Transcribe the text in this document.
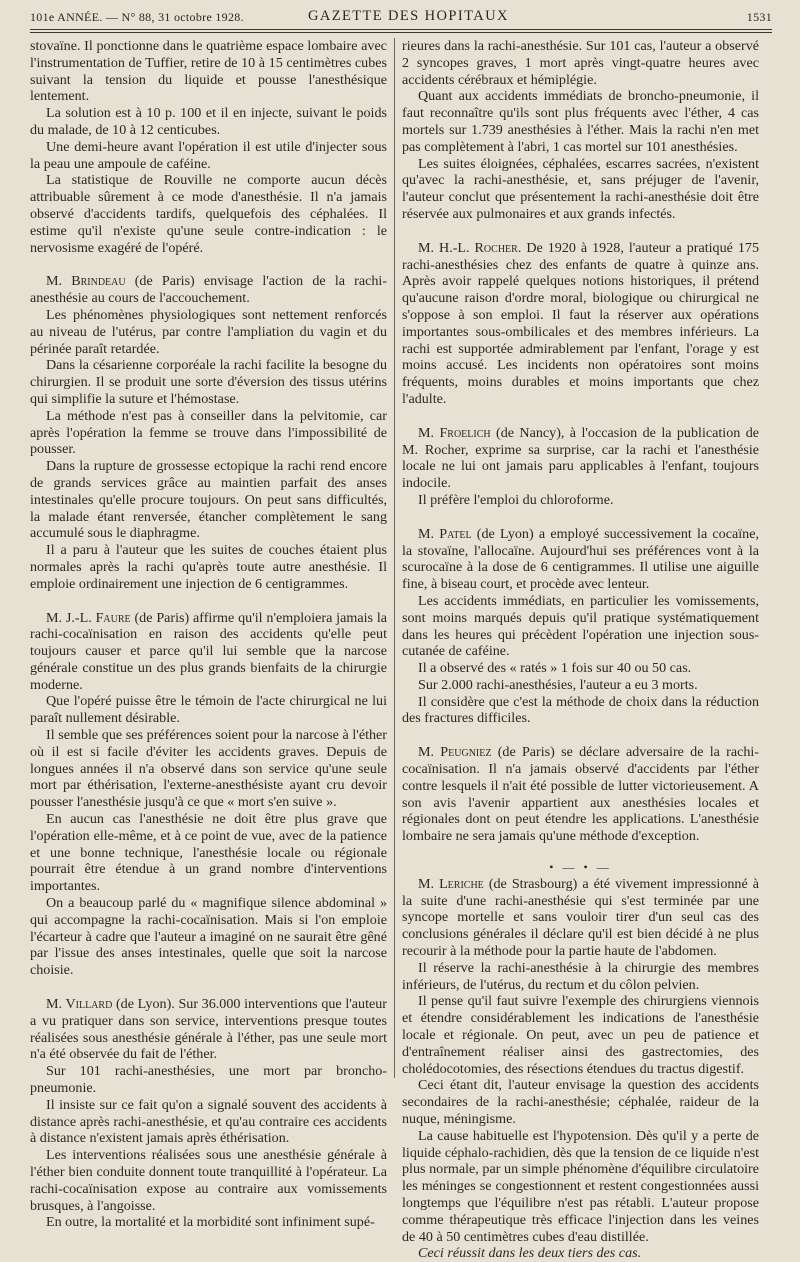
101e ANNÉE. — N° 88, 31 octobre 1928.	GAZETTE DES HOPITAUX	1531

stovaïne. Il ponctionne dans le quatrième espace lombaire avec l'instrumentation de Tuffier, retire de 10 à 15 centimètres cubes suivant la tension du liquide et pousse l'anesthésique lentement.

La solution est à 10 p. 100 et il en injecte, suivant le poids du malade, de 10 à 12 centicubes.

Une demi-heure avant l'opération il est utile d'injecter sous la peau une ampoule de caféine.

La statistique de Rouville ne comporte aucun décès attribuable sûrement à ce mode d'anesthésie. Il n'a jamais observé d'accidents tardifs, quelquefois des céphalées. Il estime qu'il n'existe qu'une seule contre-indication : le nervosisme exagéré de l'opéré.

M. Brindeau (de Paris) envisage l'action de la rachi-anesthésie au cours de l'accouchement.

Les phénomènes physiologiques sont nettement renforcés au niveau de l'utérus, par contre l'ampliation du vagin et du périnée paraît retardée.

Dans la césarienne corporéale la rachi facilite la besogne du chirurgien. Il se produit une sorte d'éversion des tissus utérins qui simplifie la suture et l'hémostase.

La méthode n'est pas à conseiller dans la pelvitomie, car après l'opération la femme se trouve dans l'impossibilité de pousser.

Dans la rupture de grossesse ectopique la rachi rend encore de grands services grâce au maintien parfait des anses intestinales qu'elle procure toujours. On peut sans difficultés, la malade étant renversée, étancher complètement le sang accumulé sous le diaphragme.

Il a paru à l'auteur que les suites de couches étaient plus normales après la rachi qu'après toute autre anesthésie. Il emploie ordinairement une injection de 6 centigrammes.

M. J.-L. Faure (de Paris) affirme qu'il n'emploiera jamais la rachi-cocaïnisation en raison des accidents qu'elle peut toujours causer et parce qu'il lui semble que la narcose générale constitue un des plus grands bienfaits de la chirurgie moderne.

Que l'opéré puisse être le témoin de l'acte chirurgical ne lui paraît nullement désirable.

Il semble que ses préférences soient pour la narcose à l'éther où il est si facile d'éviter les accidents graves. Depuis de longues années il n'a observé dans son service qu'une seule mort par éthérisation, l'externe-anesthésiste ayant cru devoir pousser l'anesthésie jusqu'à ce que « mort s'en suive ».

En aucun cas l'anesthésie ne doit être plus grave que l'opération elle-même, et à ce point de vue, avec de la patience et une bonne technique, l'anesthésie locale ou régionale pourrait être étendue à un grand nombre d'interventions importantes.

On a beaucoup parlé du « magnifique silence abdominal » qui accompagne la rachi-cocaïnisation. Mais si l'on emploie l'écarteur à cadre que l'auteur a imaginé on ne saurait être gêné par l'issue des anses intestinales, quelle que soit la narcose choisie.

M. Villard (de Lyon). Sur 36.000 interventions que l'auteur a vu pratiquer dans son service, interventions presque toutes réalisées sous anesthésie générale à l'éther, pas une seule mort n'a été observée du fait de l'éther.

Sur 101 rachi-anesthésies, une mort par broncho-pneumonie.

Il insiste sur ce fait qu'on a signalé souvent des accidents à distance après rachi-anesthésie, et qu'au contraire ces accidents à distance n'existent jamais après éthérisation.

Les interventions réalisées sous une anesthésie générale à l'éther bien conduite donnent toute tranquillité à l'opérateur. La rachi-cocaïnisation expose au contraire aux vomissements brusques, à l'angoisse.

En outre, la mortalité et la morbidité sont infiniment supé-

rieures dans la rachi-anesthésie. Sur 101 cas, l'auteur a observé 2 syncopes graves, 1 mort après vingt-quatre heures avec accidents cérébraux et hémiplégie.

Quant aux accidents immédiats de broncho-pneumonie, il faut reconnaître qu'ils sont plus fréquents avec l'éther, 4 cas mortels sur 1.739 anesthésies à l'éther. Mais la rachi n'en met pas complètement à l'abri, 1 cas mortel sur 101 anesthésies.

Les suites éloignées, céphalées, escarres sacrées, n'existent qu'avec la rachi-anesthésie, et, sans préjuger de l'avenir, l'auteur conclut que présentement la rachi-anesthésie doit être réservée aux pulmonaires et aux grands infectés.

M. H.-L. Rocher. De 1920 à 1928, l'auteur a pratiqué 175 rachi-anesthésies chez des enfants de quatre à quinze ans. Après avoir rappelé quelques notions historiques, il prétend qu'aucune raison d'ordre moral, biologique ou chirurgical ne s'oppose à son emploi. Il faut la réserver aux opérations importantes sous-ombilicales et des membres inférieurs. La rachi est supportée admirablement par l'enfant, l'orage y est moins accusé. Les incidents non opératoires sont moins fréquents, moins durables et moins importants que chez l'adulte.

M. Froelich (de Nancy), à l'occasion de la publication de M. Rocher, exprime sa surprise, car la rachi et l'anesthésie locale ne lui ont jamais paru applicables à l'enfant, toujours indocile.

Il préfère l'emploi du chloroforme.

M. Patel (de Lyon) a employé successivement la cocaïne, la stovaïne, l'allocaïne. Aujourd'hui ses préférences vont à la scurocaïne à la dose de 6 centigrammes. Il utilise une aiguille fine, à biseau court, et procède avec lenteur.

Les accidents immédiats, en particulier les vomissements, sont moins marqués depuis qu'il pratique systématiquement dans les heures qui précèdent l'opération une injection sous-cutanée de caféine.

Il a observé des « ratés » 1 fois sur 40 ou 50 cas.

Sur 2.000 rachi-anesthésies, l'auteur a eu 3 morts.

Il considère que c'est la méthode de choix dans la réduction des fractures difficiles.

M. Peugniez (de Paris) se déclare adversaire de la rachi-cocaïnisation. Il n'a jamais observé d'accidents par l'éther contre lesquels il n'ait été possible de lutter victorieusement. A son avis l'avenir appartient aux anesthésies locales et régionales dont on peut étendre les applications. L'anesthésie lombaire ne sera jamais qu'une méthode d'exception.

• — • —

M. Leriche (de Strasbourg) a été vivement impressionné à la suite d'une rachi-anesthésie qui s'est terminée par une syncope mortelle et sans vouloir tirer d'un seul cas des conclusions générales il déclare qu'il est bien décidé à ne plus recourir à la méthode pour la partie haute de l'abdomen.

Il réserve la rachi-anesthésie à la chirurgie des membres inférieurs, de l'utérus, du rectum et du côlon pelvien.

Il pense qu'il faut suivre l'exemple des chirurgiens viennois et étendre considérablement les indications de l'anesthésie locale et régionale. On peut, avec un peu de patience et d'entraînement réaliser ainsi des gastrectomies, des cholédocotomies, des résections étendues du tractus digestif.

Ceci étant dit, l'auteur envisage la question des accidents secondaires de la rachi-anesthésie; céphalée, raideur de la nuque, méningisme.

La cause habituelle est l'hypotension. Dès qu'il y a perte de liquide céphalo-rachidien, dès que la tension de ce liquide n'est plus normale, par un simple phénomène d'équilibre circulatoire les méninges se congestionnent et restent congestionnées aussi longtemps que l'équilibre n'est pas rétabli. L'auteur propose comme thérapeutique très efficace l'injection dans les veines de 40 à 50 centimètres cubes d'eau distillée.

Ceci réussit dans les deux tiers des cas.
